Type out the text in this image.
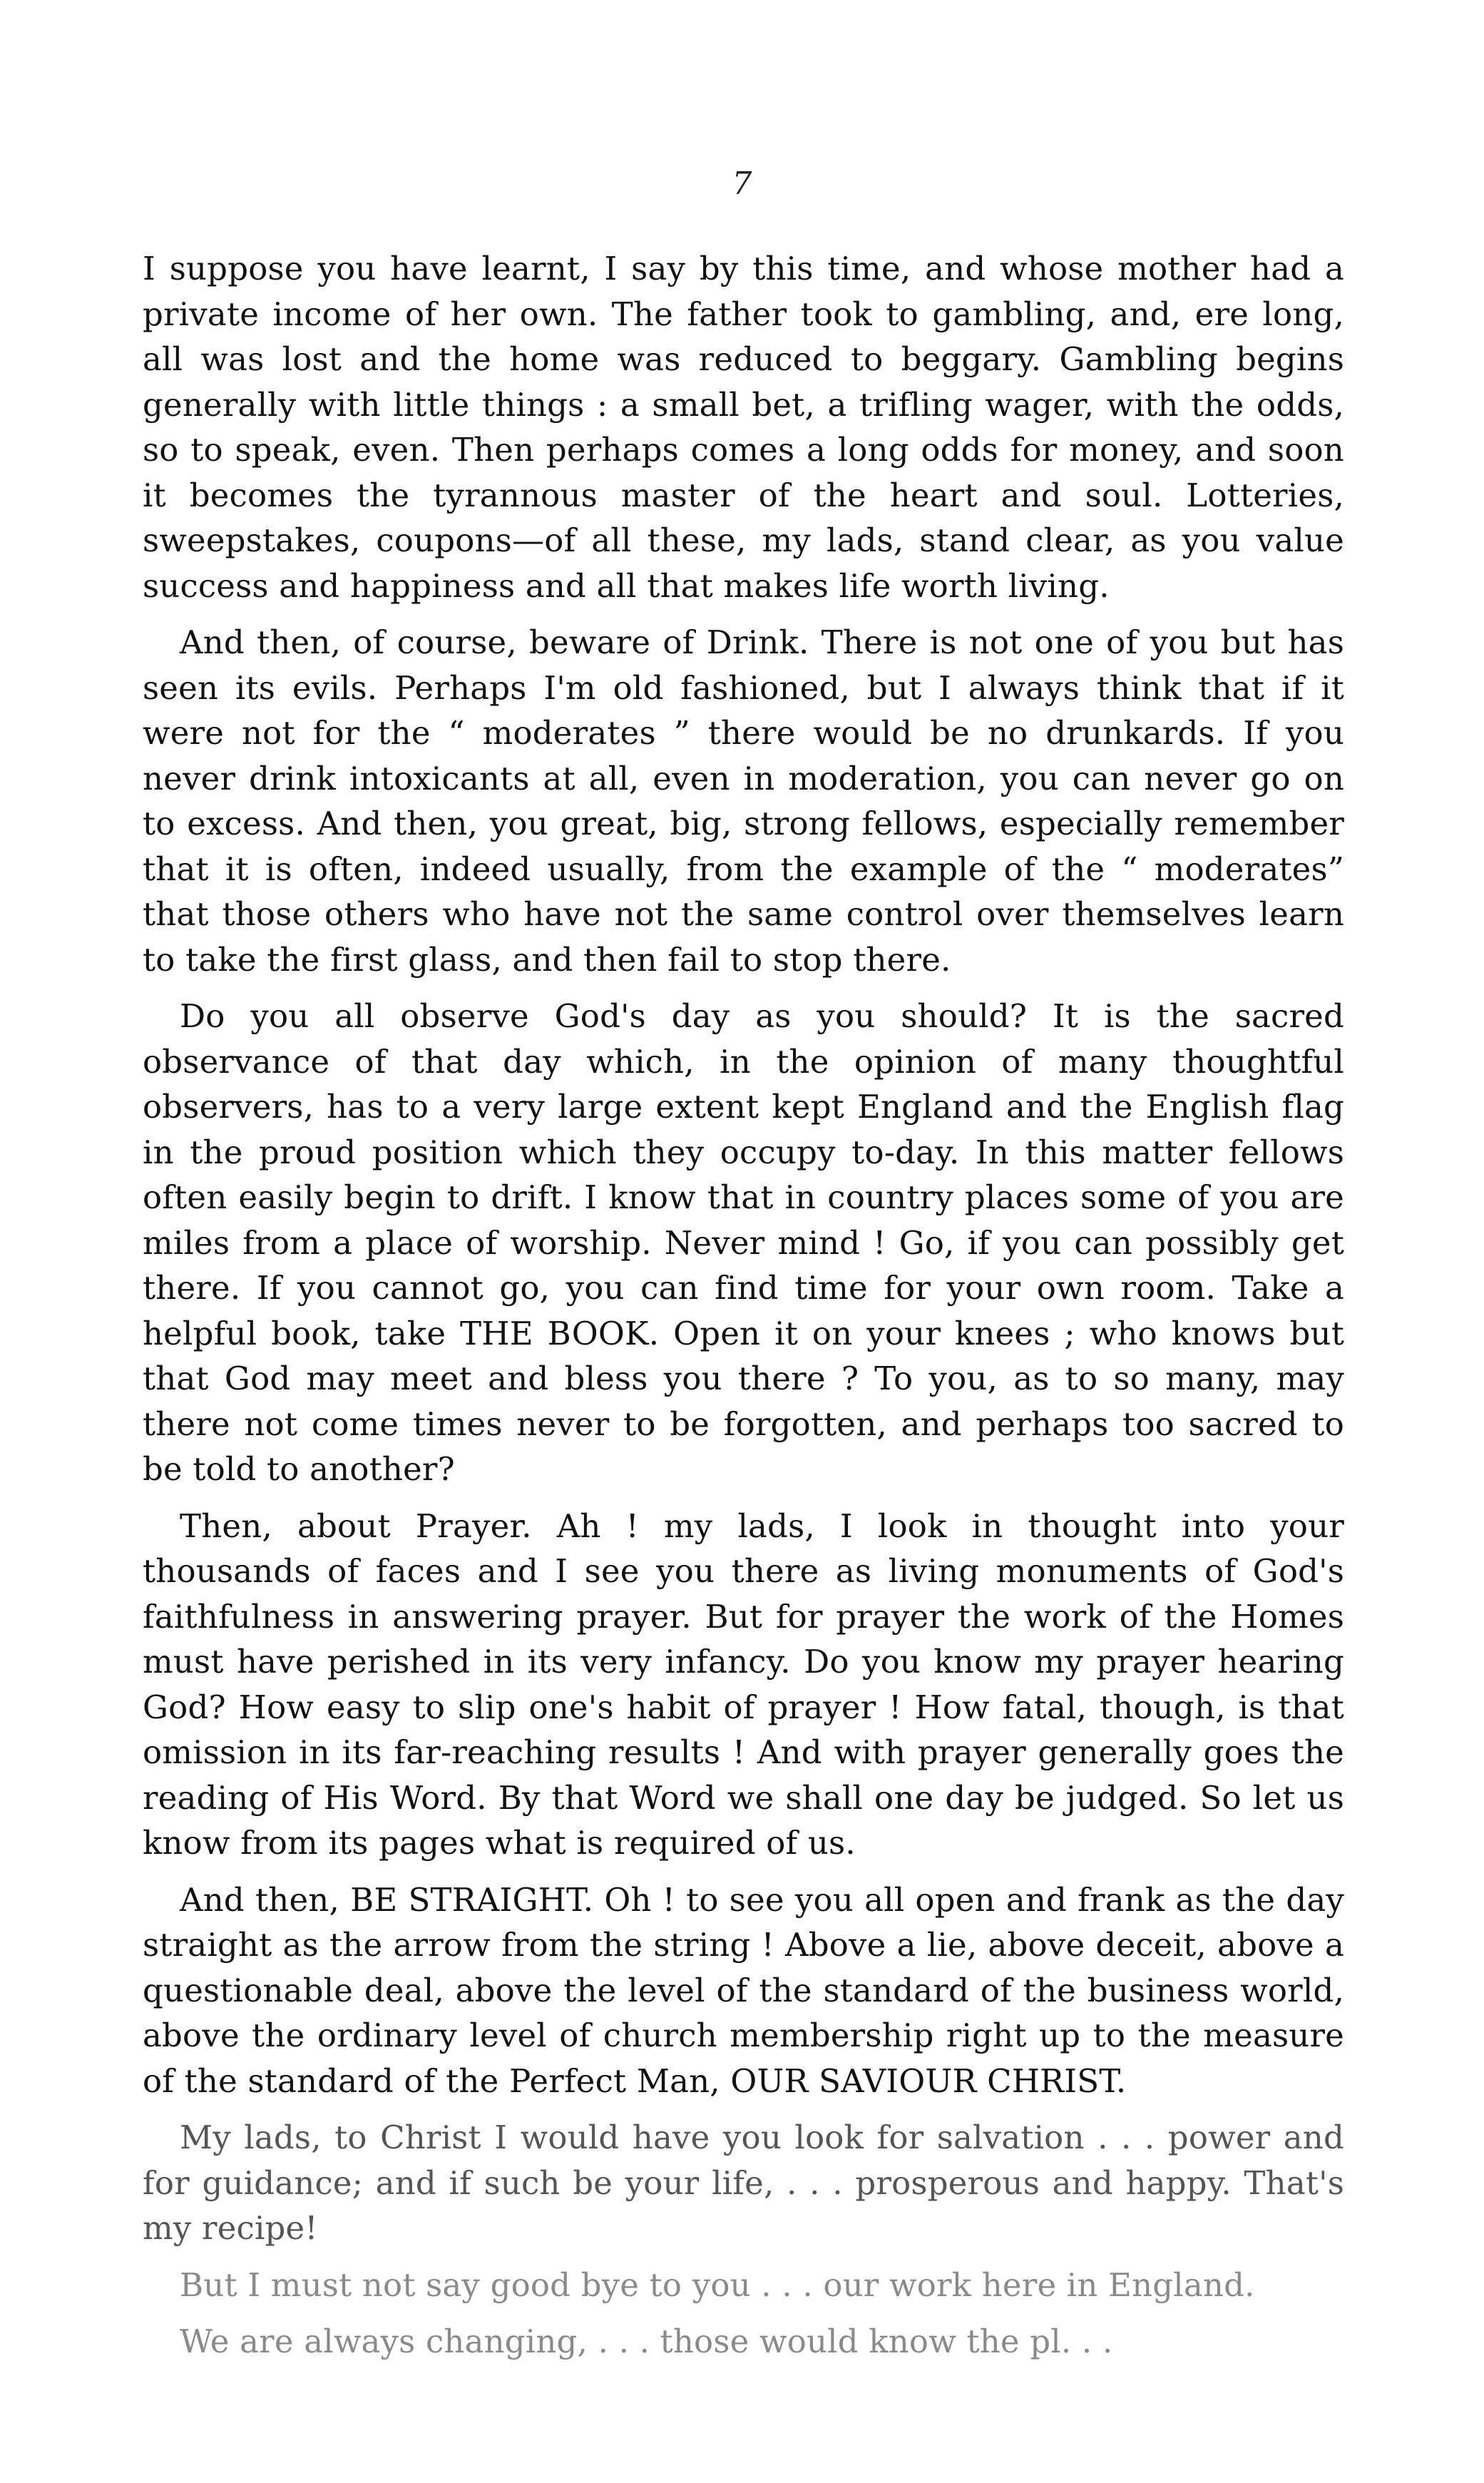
7

I suppose you have learnt, I say by this time, and whose mother had a private income of her own. The father took to gambling, and, ere long, all was lost and the home was reduced to beggary. Gambling begins generally with little things : a small bet, a trifling wager, with the odds, so to speak, even. Then perhaps comes a long odds for money, and soon it becomes the tyrannous master of the heart and soul. Lotteries, sweepstakes, coupons—of all these, my lads, stand clear, as you value success and happiness and all that makes life worth living.

And then, of course, beware of Drink. There is not one of you but has seen its evils. Perhaps I'm old fashioned, but I always think that if it were not for the “ moderates ” there would be no drunkards. If you never drink intoxicants at all, even in moderation, you can never go on to excess. And then, you great, big, strong fellows, especially remember that it is often, indeed usually, from the example of the “ moderates” that those others who have not the same control over themselves learn to take the first glass, and then fail to stop there.

Do you all observe God's day as you should? It is the sacred observance of that day which, in the opinion of many thoughtful observers, has to a very large extent kept England and the English flag in the proud position which they occupy to-day. In this matter fellows often easily begin to drift. I know that in country places some of you are miles from a place of worship. Never mind ! Go, if you can possibly get there. If you cannot go, you can find time for your own room. Take a helpful book, take THE BOOK. Open it on your knees ; who knows but that God may meet and bless you there ? To you, as to so many, may there not come times never to be forgotten, and perhaps too sacred to be told to another?

Then, about Prayer. Ah ! my lads, I look in thought into your thousands of faces and I see you there as living monuments of God's faithfulness in answering prayer. But for prayer the work of the Homes must have perished in its very infancy. Do you know my prayer hearing God? How easy to slip one's habit of prayer ! How fatal, though, is that omission in its far-reaching results ! And with prayer generally goes the reading of His Word. By that Word we shall one day be judged. So let us know from its pages what is required of us.

And then, BE STRAIGHT. Oh ! to see you all open and frank as the day straight as the arrow from the string ! Above a lie, above deceit, above a questionable deal, above the level of the standard of the business world, above the ordinary level of church membership right up to the measure of the standard of the Perfect Man, OUR SAVIOUR CHRIST.

My lads, to Christ I would have you look for salvation . . . power and for guidance; and if such be your life, . . . prosperous and happy. That's my recipe!

But I must not say good bye to you . . . our work here in England.

We are always changing, . . . those would know the pl. . .
